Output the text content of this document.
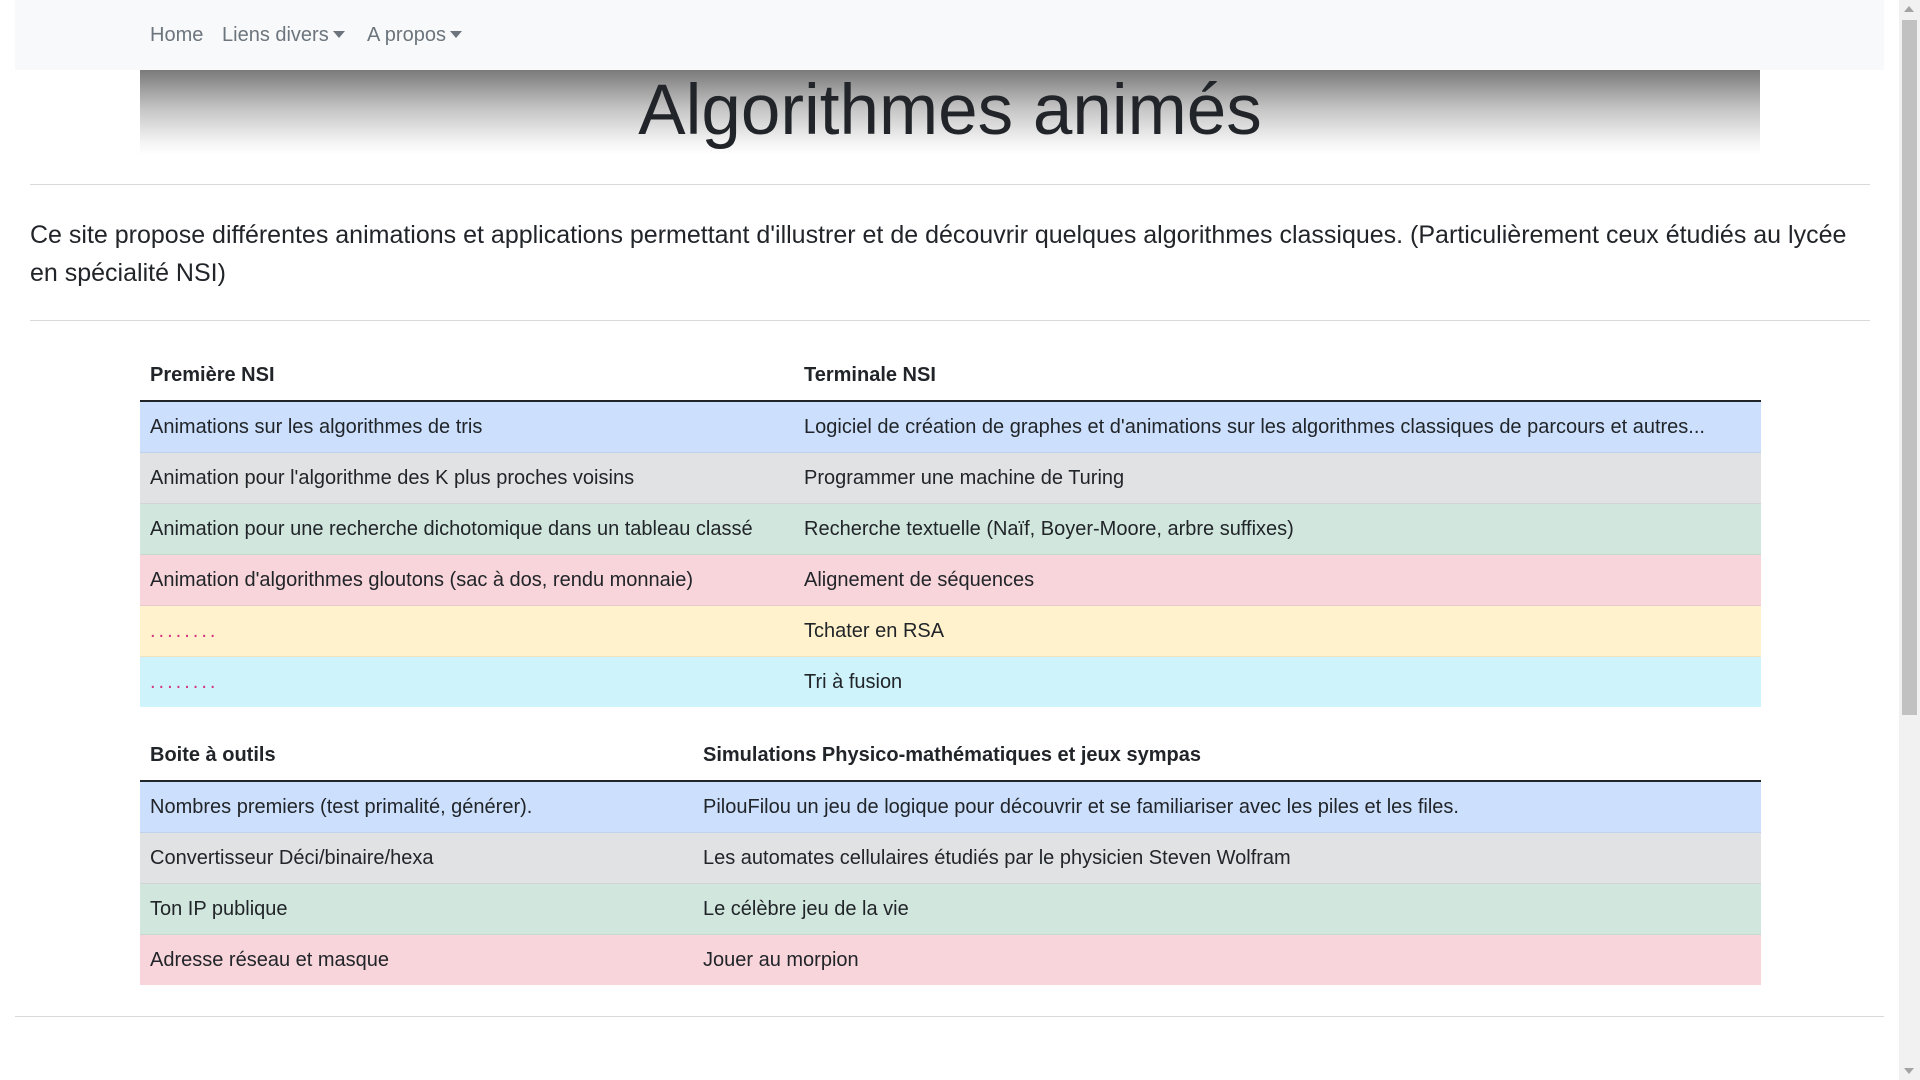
Home Liens divers	A propos
Algorithmes animés

Ce site propose différentes animations et applications permettant d'illustrer et de découvrir quelques algorithmes classiques. (Particulièrement ceux étudiés au lycée en spécialité NSI)

Première NSI	Terminale NSI
Animations sur les algorithmes de tris	Logiciel de création de graphes et d'animations sur les algorithmes classiques de parcours et autres...
Animation pour l'algorithme des K plus proches voisins	Programmer une machine de Turing
Animation pour une recherche dichotomique dans un tableau classé	Recherche textuelle (Naïf, Boyer-Moore, arbre suffixes)
Animation d'algorithmes gloutons (sac à dos, rendu monnaie)	Alignement de séquences
........	Tchater en RSA
........	Tri à fusion
Boite à outils	Simulations Physico-mathématiques et jeux sympas
Nombres premiers (test primalité, générer).	PilouFilou un jeu de logique pour découvrir et se familiariser avec les piles et les files.
Convertisseur Déci/binaire/hexa	Les automates cellulaires étudiés par le physicien Steven Wolfram
Ton IP publique	Le célèbre jeu de la vie
Adresse réseau et masque	Jouer au morpion
